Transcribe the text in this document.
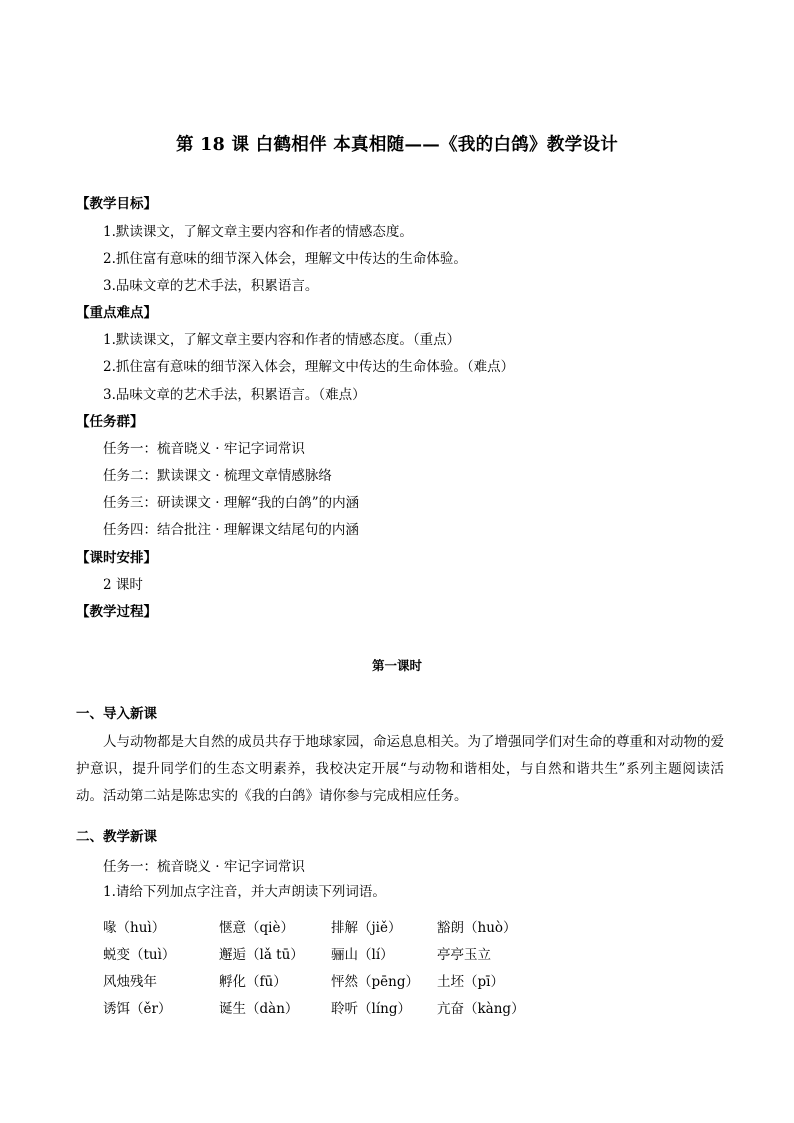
第 18 课 白鹤相伴 本真相随——《我的白鸽》教学设计
【教学目标】
1.默读课文，了解文章主要内容和作者的情感态度。
2.抓住富有意味的细节深入体会，理解文中传达的生命体验。
3.品味文章的艺术手法，积累语言。
【重点难点】
1.默读课文，了解文章主要内容和作者的情感态度。（重点）
2.抓住富有意味的细节深入体会，理解文中传达的生命体验。（难点）
3.品味文章的艺术手法，积累语言。（难点）
【任务群】
任务一：梳音晓义 · 牢记字词常识
任务二：默读课文 · 梳理文章情感脉络
任务三：研读课文 · 理解“我的白鸽”的内涵
任务四：结合批注 · 理解课文结尾句的内涵
【课时安排】
2 课时
【教学过程】
第一课时
一、导入新课
人与动物都是大自然的成员共存于地球家园，命运息息相关。为了增强同学们对生命的尊重和对动物的爱护意识，提升同学们的生态文明素养，我校决定开展“与动物和谐相处，与自然和谐共生”系列主题阅读活动。活动第二站是陈忠实的《我的白鸽》请你参与完成相应任务。
二、教学新课
任务一：梳音晓义 · 牢记字词常识
1.请给下列加点字注音，并大声朗读下列词语。
喙（huì）	惬意（qiè）	排解（jiě）	豁朗（huò）
蜕变（tuì）	邂逅（lǎ tū）	骊山（lí）	亭亭玉立
风烛残年	孵化（fū）	怦然（pēng）	土坯（pī）
诱饵（ěr）	诞生（dàn）	聆听（líng）	亢奋（kàng）
